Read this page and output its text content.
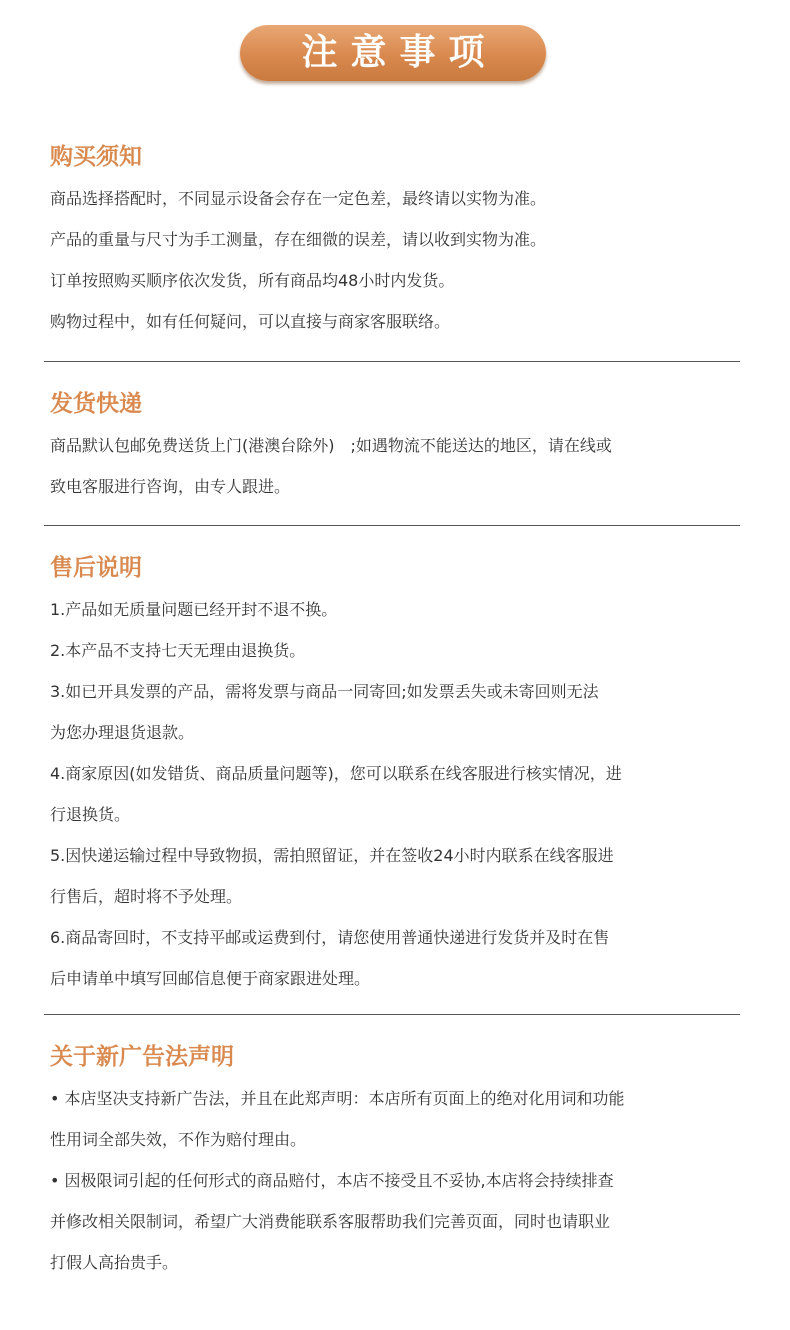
注意事项
购买须知
商品选择搭配时，不同显示设备会存在一定色差，最终请以实物为准。
产品的重量与尺寸为手工测量，存在细微的误差，请以收到实物为准。
订单按照购买顺序依次发货，所有商品均48小时内发货。
购物过程中，如有任何疑问，可以直接与商家客服联络。
发货快递
商品默认包邮免费送货上门(港澳台除外)　;如遇物流不能送达的地区，请在线或
致电客服进行咨询，由专人跟进。
售后说明
1.产品如无质量问题已经开封不退不换。
2.本产品不支持七天无理由退换货。
3.如已开具发票的产品，需将发票与商品一同寄回;如发票丢失或未寄回则无法
为您办理退货退款。
4.商家原因(如发错货、商品质量问题等)，您可以联系在线客服进行核实情况，进
行退换货。
5.因快递运输过程中导致物损，需拍照留证，并在签收24小时内联系在线客服进
行售后，超时将不予处理。
6.商品寄回时，不支持平邮或运费到付，请您使用普通快递进行发货并及时在售
后申请单中填写回邮信息便于商家跟进处理。
关于新广告法声明
• 本店坚决支持新广告法，并且在此郑声明：本店所有页面上的绝对化用词和功能
性用词全部失效，不作为赔付理由。
• 因极限词引起的任何形式的商品赔付，本店不接受且不妥协,本店将会持续排查
并修改相关限制词，希望广大消费能联系客服帮助我们完善页面，同时也请职业
打假人高抬贵手。
